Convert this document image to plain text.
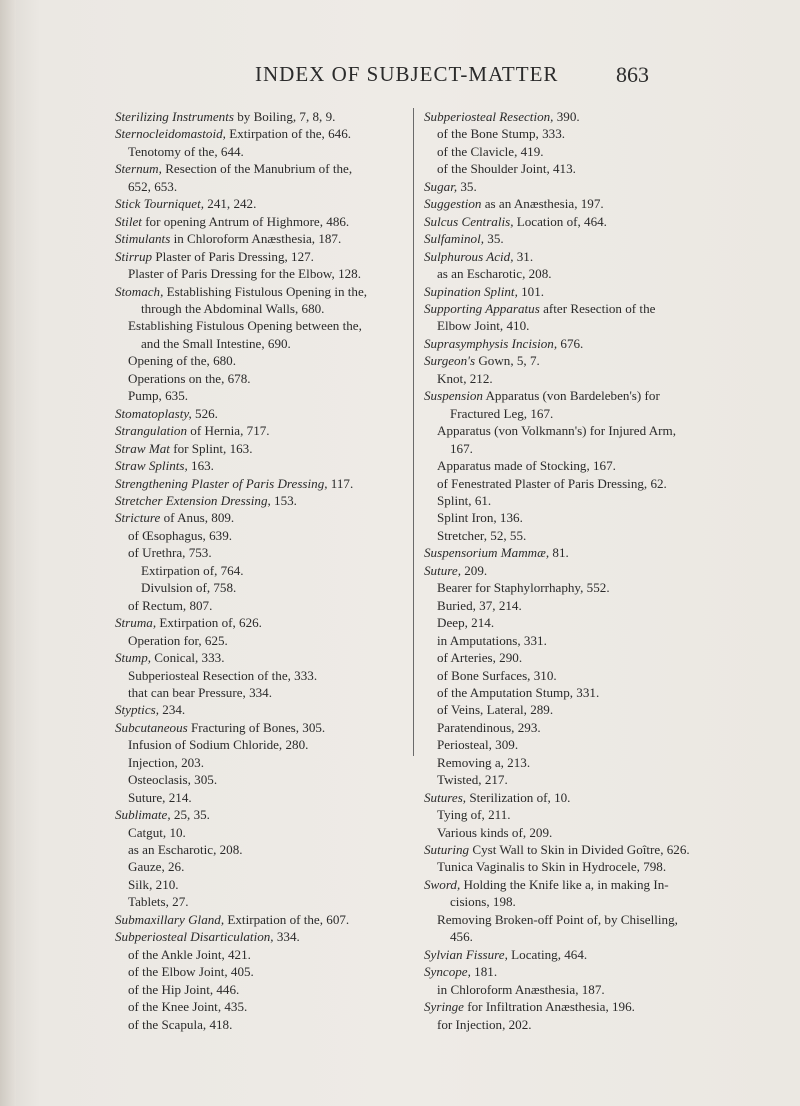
INDEX OF SUBJECT-MATTER	863
Sterilizing Instruments by Boiling, 7, 8, 9.
Sternocleidomastoid, Extirpation of the, 646.
Tenotomy of the, 644.
Sternum, Resection of the Manubrium of the,
652, 653.
Stick Tourniquet, 241, 242.
Stilet for opening Antrum of Highmore, 486.
Stimulants in Chloroform Anæsthesia, 187.
Stirrup Plaster of Paris Dressing, 127.
Plaster of Paris Dressing for the Elbow, 128.
Stomach, Establishing Fistulous Opening in the,
through the Abdominal Walls, 680.
Establishing Fistulous Opening between the,
and the Small Intestine, 690.
Opening of the, 680.
Operations on the, 678.
Pump, 635.
Stomatoplasty, 526.
Strangulation of Hernia, 717.
Straw Mat for Splint, 163.
Straw Splints, 163.
Strengthening Plaster of Paris Dressing, 117.
Stretcher Extension Dressing, 153.
Stricture of Anus, 809.
of Œsophagus, 639.
of Urethra, 753.
Extirpation of, 764.
Divulsion of, 758.
of Rectum, 807.
Struma, Extirpation of, 626.
Operation for, 625.
Stump, Conical, 333.
Subperiosteal Resection of the, 333.
that can bear Pressure, 334.
Styptics, 234.
Subcutaneous Fracturing of Bones, 305.
Infusion of Sodium Chloride, 280.
Injection, 203.
Osteoclasis, 305.
Suture, 214.
Sublimate, 25, 35.
Catgut, 10.
as an Escharotic, 208.
Gauze, 26.
Silk, 210.
Tablets, 27.
Submaxillary Gland, Extirpation of the, 607.
Subperiosteal Disarticulation, 334.
of the Ankle Joint, 421.
of the Elbow Joint, 405.
of the Hip Joint, 446.
of the Knee Joint, 435.
of the Scapula, 418.
Subperiosteal Resection, 390.
of the Bone Stump, 333.
of the Clavicle, 419.
of the Shoulder Joint, 413.
Sugar, 35.
Suggestion as an Anæsthesia, 197.
Sulcus Centralis, Location of, 464.
Sulfaminol, 35.
Sulphurous Acid, 31.
as an Escharotic, 208.
Supination Splint, 101.
Supporting Apparatus after Resection of the
Elbow Joint, 410.
Suprasymphysis Incision, 676.
Surgeon's Gown, 5, 7.
Knot, 212.
Suspension Apparatus (von Bardeleben's) for
Fractured Leg, 167.
Apparatus (von Volkmann's) for Injured Arm,
167.
Apparatus made of Stocking, 167.
of Fenestrated Plaster of Paris Dressing, 62.
Splint, 61.
Splint Iron, 136.
Stretcher, 52, 55.
Suspensorium Mammæ, 81.
Suture, 209.
Bearer for Staphylorrhaphy, 552.
Buried, 37, 214.
Deep, 214.
in Amputations, 331.
of Arteries, 290.
of Bone Surfaces, 310.
of the Amputation Stump, 331.
of Veins, Lateral, 289.
Paratendinous, 293.
Periosteal, 309.
Removing a, 213.
Twisted, 217.
Sutures, Sterilization of, 10.
Tying of, 211.
Various kinds of, 209.
Suturing Cyst Wall to Skin in Divided Goître, 626.
Tunica Vaginalis to Skin in Hydrocele, 798.
Sword, Holding the Knife like a, in making In-
cisions, 198.
Removing Broken-off Point of, by Chiselling,
456.
Sylvian Fissure, Locating, 464.
Syncope, 181.
in Chloroform Anæsthesia, 187.
Syringe for Infiltration Anæsthesia, 196.
for Injection, 202.
